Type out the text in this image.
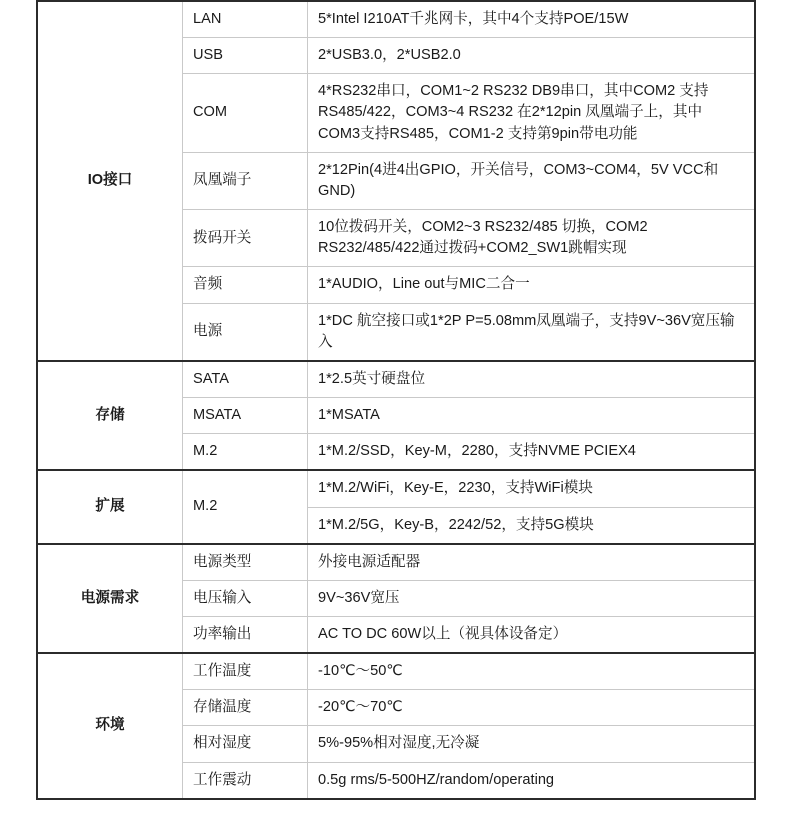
IO接口	LAN	5*Intel I210AT千兆网卡，其中4个支持POE/15W
	USB	2*USB3.0，2*USB2.0
	COM	4*RS232串口，COM1~2 RS232 DB9串口，其中COM2 支持RS485/422，COM3~4 RS232 在2*12pin 凤凰端子上，其中COM3支持RS485，COM1-2 支持第9pin带电功能
	凤凰端子	2*12Pin(4进4出GPIO，开关信号，COM3~COM4，5V VCC和GND)
	拨码开关	10位拨码开关，COM2~3 RS232/485 切换，COM2 RS232/485/422通过拨码+COM2_SW1跳帽实现
	音频	1*AUDIO，Line out与MIC二合一
	电源	1*DC 航空接口或1*2P P=5.08mm凤凰端子，支持9V~36V宽压输入
存储	SATA	1*2.5英寸硬盘位
	MSATA	1*MSATA
	M.2	1*M.2/SSD，Key-M，2280，支持NVME PCIEX4
扩展	M.2	1*M.2/WiFi，Key-E，2230，支持WiFi模块
		1*M.2/5G，Key-B，2242/52，支持5G模块
电源需求	电源类型	外接电源适配器
	电压输入	9V~36V宽压
	功率输出	AC TO DC 60W以上（视具体设备定）
环境	工作温度	-10℃～50℃
	存储温度	-20℃～70℃
	相对湿度	5%-95%相对湿度,无冷凝
	工作震动	0.5g rms/5-500HZ/random/operating
